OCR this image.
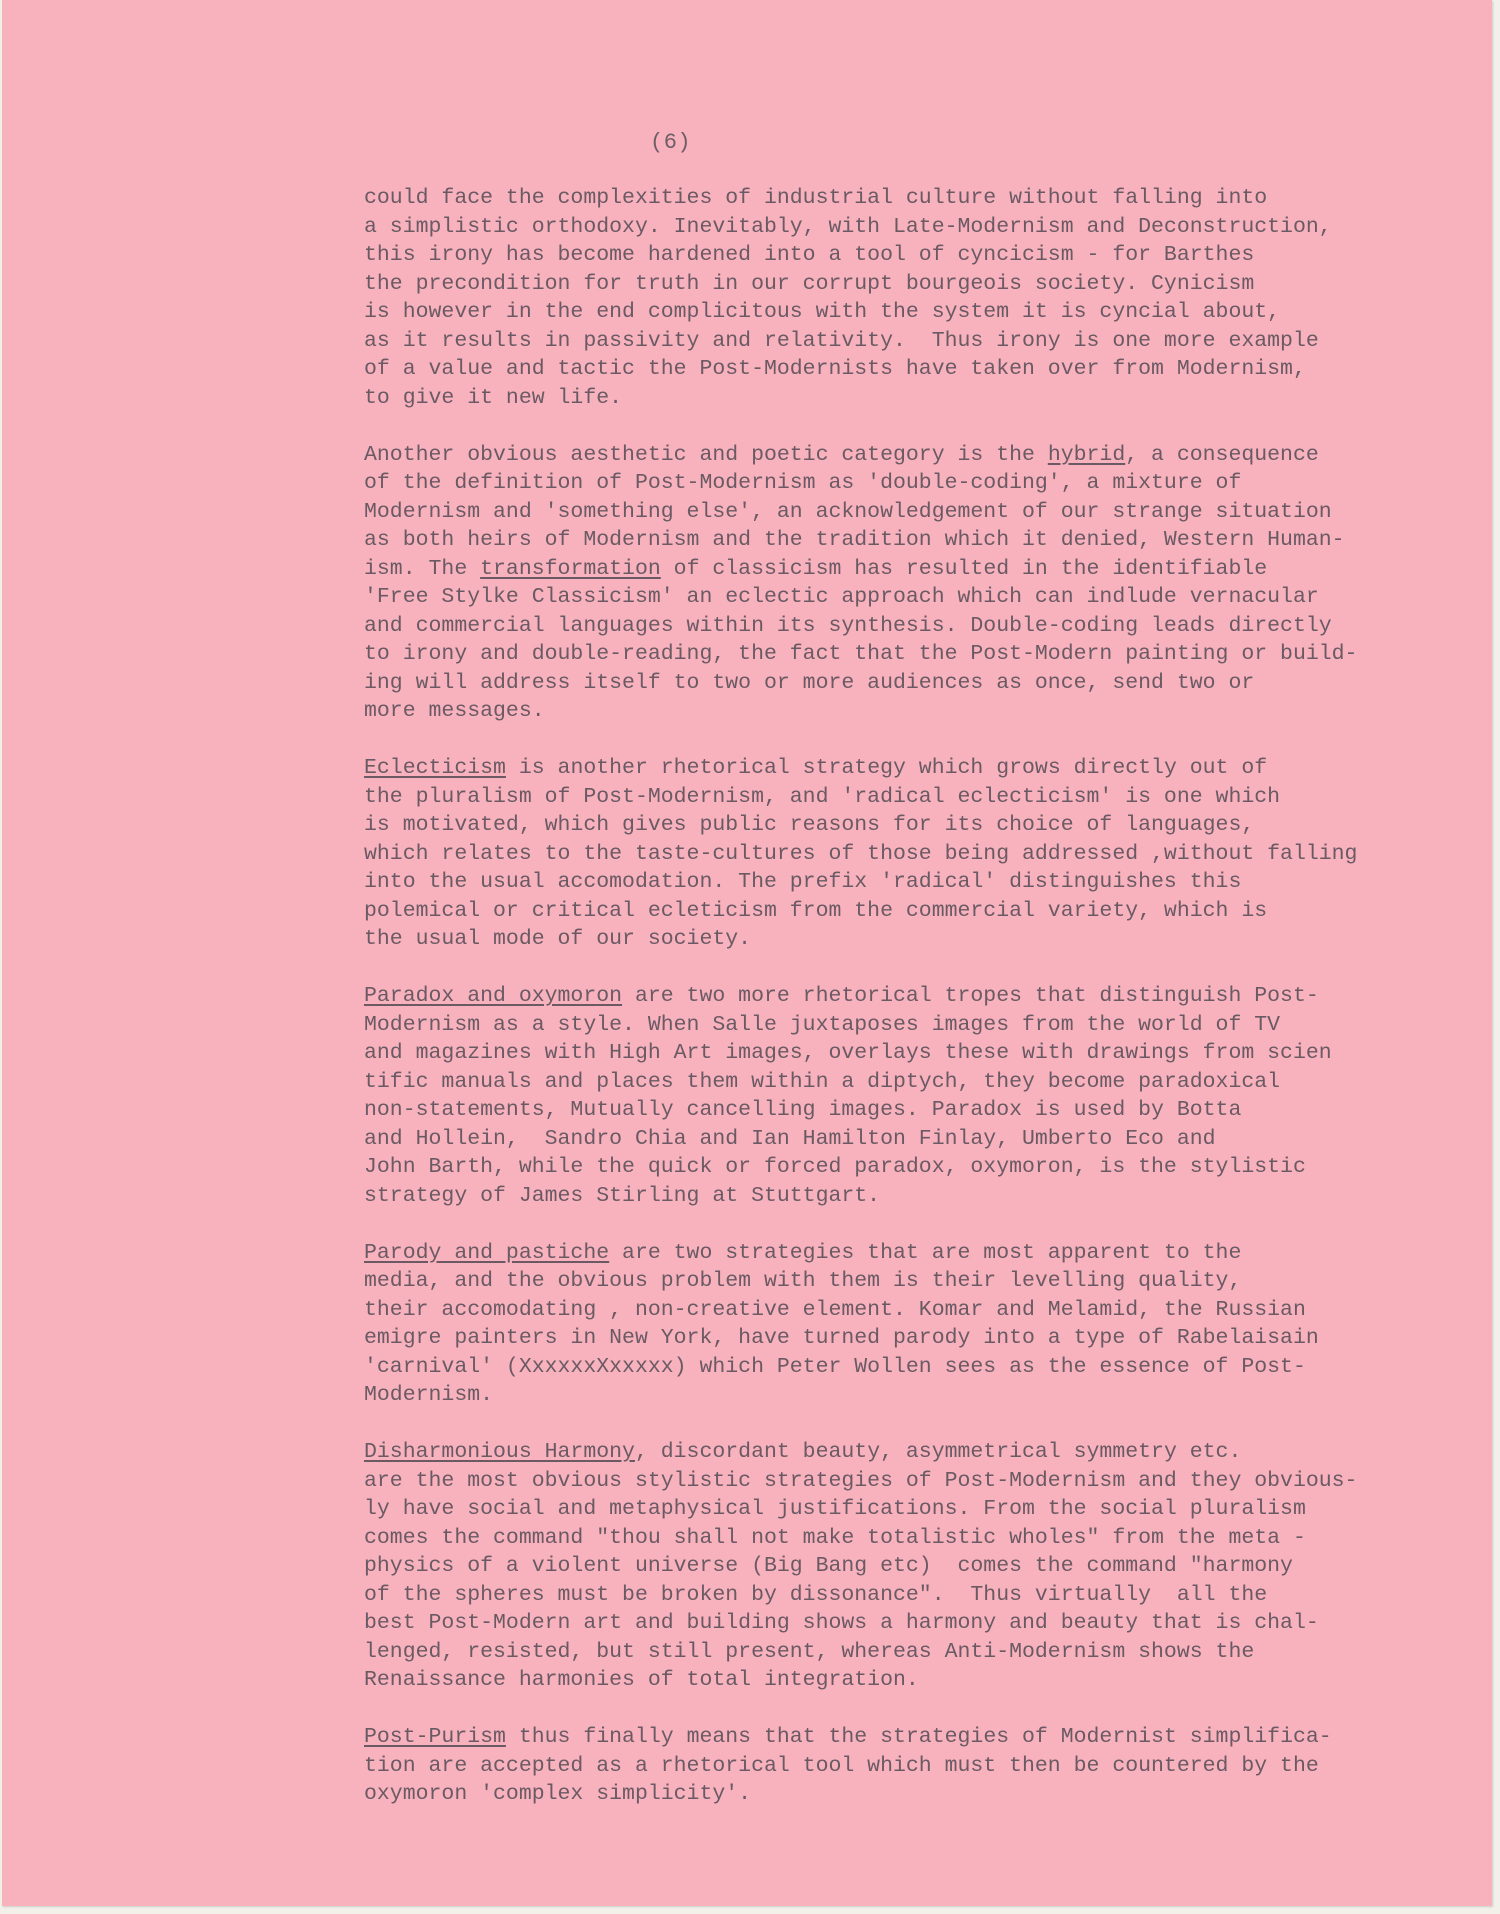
(6)

could face the complexities of industrial culture without falling into
a simplistic orthodoxy. Inevitably, with Late-Modernism and Deconstruction,
this irony has become hardened into a tool of cyncicism - for Barthes
the precondition for truth in our corrupt bourgeois society. Cynicism
is however in the end complicitous with the system it is cyncial about,
as it results in passivity and relativity.  Thus irony is one more example
of a value and tactic the Post-Modernists have taken over from Modernism,
to give it new life.

Another obvious aesthetic and poetic category is the hybrid, a consequence
of the definition of Post-Modernism as 'double-coding', a mixture of
Modernism and 'something else', an acknowledgement of our strange situation
as both heirs of Modernism and the tradition which it denied, Western Human-
ism. The transformation of classicism has resulted in the identifiable
'Free Stylke Classicism' an eclectic approach which can indlude vernacular
and commercial languages within its synthesis. Double-coding leads directly
to irony and double-reading, the fact that the Post-Modern painting or build-
ing will address itself to two or more audiences as once, send two or
more messages.

Eclecticism is another rhetorical strategy which grows directly out of
the pluralism of Post-Modernism, and 'radical eclecticism' is one which
is motivated, which gives public reasons for its choice of languages,
which relates to the taste-cultures of those being addressed ,without falling
into the usual accomodation. The prefix 'radical' distinguishes this
polemical or critical ecleticism from the commercial variety, which is
the usual mode of our society.

Paradox and oxymoron are two more rhetorical tropes that distinguish Post-
Modernism as a style. When Salle juxtaposes images from the world of TV
and magazines with High Art images, overlays these with drawings from scien
tific manuals and places them within a diptych, they become paradoxical
non-statements, Mutually cancelling images. Paradox is used by Botta
and Hollein,  Sandro Chia and Ian Hamilton Finlay, Umberto Eco and
John Barth, while the quick or forced paradox, oxymoron, is the stylistic
strategy of James Stirling at Stuttgart.

Parody and pastiche are two strategies that are most apparent to the
media, and the obvious problem with them is their levelling quality,
their accomodating , non-creative element. Komar and Melamid, the Russian
emigre painters in New York, have turned parody into a type of Rabelaisain
'carnival' (XxxxxxXxxxxx) which Peter Wollen sees as the essence of Post-
Modernism.

Disharmonious Harmony, discordant beauty, asymmetrical symmetry etc.
are the most obvious stylistic strategies of Post-Modernism and they obvious-
ly have social and metaphysical justifications. From the social pluralism
comes the command "thou shall not make totalistic wholes" from the meta -
physics of a violent universe (Big Bang etc)  comes the command "harmony
of the spheres must be broken by dissonance".  Thus virtually  all the
best Post-Modern art and building shows a harmony and beauty that is chal-
lenged, resisted, but still present, whereas Anti-Modernism shows the
Renaissance harmonies of total integration.

Post-Purism thus finally means that the strategies of Modernist simplifica-
tion are accepted as a rhetorical tool which must then be countered by the
oxymoron 'complex simplicity'.
